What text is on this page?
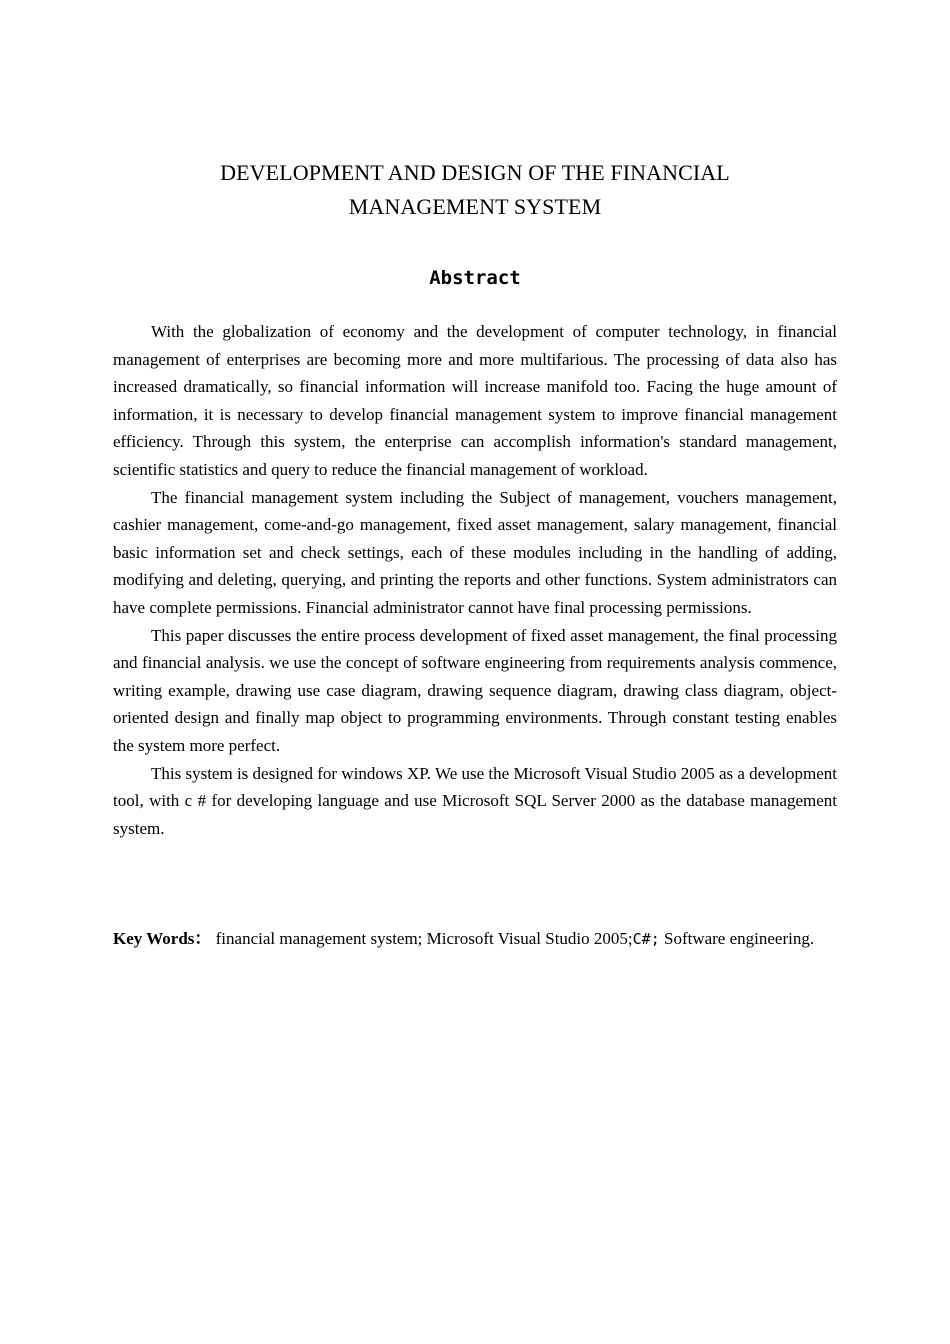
DEVELOPMENT AND DESIGN OF THE FINANCIAL
MANAGEMENT SYSTEM
Abstract

With the globalization of economy and the development of computer technology, in financial management of enterprises are becoming more and more multifarious. The processing of data also has increased dramatically, so financial information will increase manifold too. Facing the huge amount of information, it is necessary to develop financial management system to improve financial management efficiency. Through this system, the enterprise can accomplish information's standard management, scientific statistics and query to reduce the financial management of workload.

The financial management system including the Subject of management, vouchers management, cashier management, come-and-go management, fixed asset management, salary management, financial basic information set and check settings, each of these modules including in the handling of adding, modifying and deleting, querying, and printing the reports and other functions. System administrators can have complete permissions. Financial administrator cannot have final processing permissions.

This paper discusses the entire process development of fixed asset management, the final processing and financial analysis. we use the concept of software engineering from requirements analysis commence, writing example, drawing use case diagram, drawing sequence diagram, drawing class diagram, object-oriented design and finally map object to programming environments. Through constant testing enables the system more perfect.

This system is designed for windows XP. We use the Microsoft Visual Studio 2005 as a development tool, with c # for developing language and use Microsoft SQL Server 2000 as the database management system.

Key Words： financial management system; Microsoft Visual Studio 2005;C#; Software engineering.
